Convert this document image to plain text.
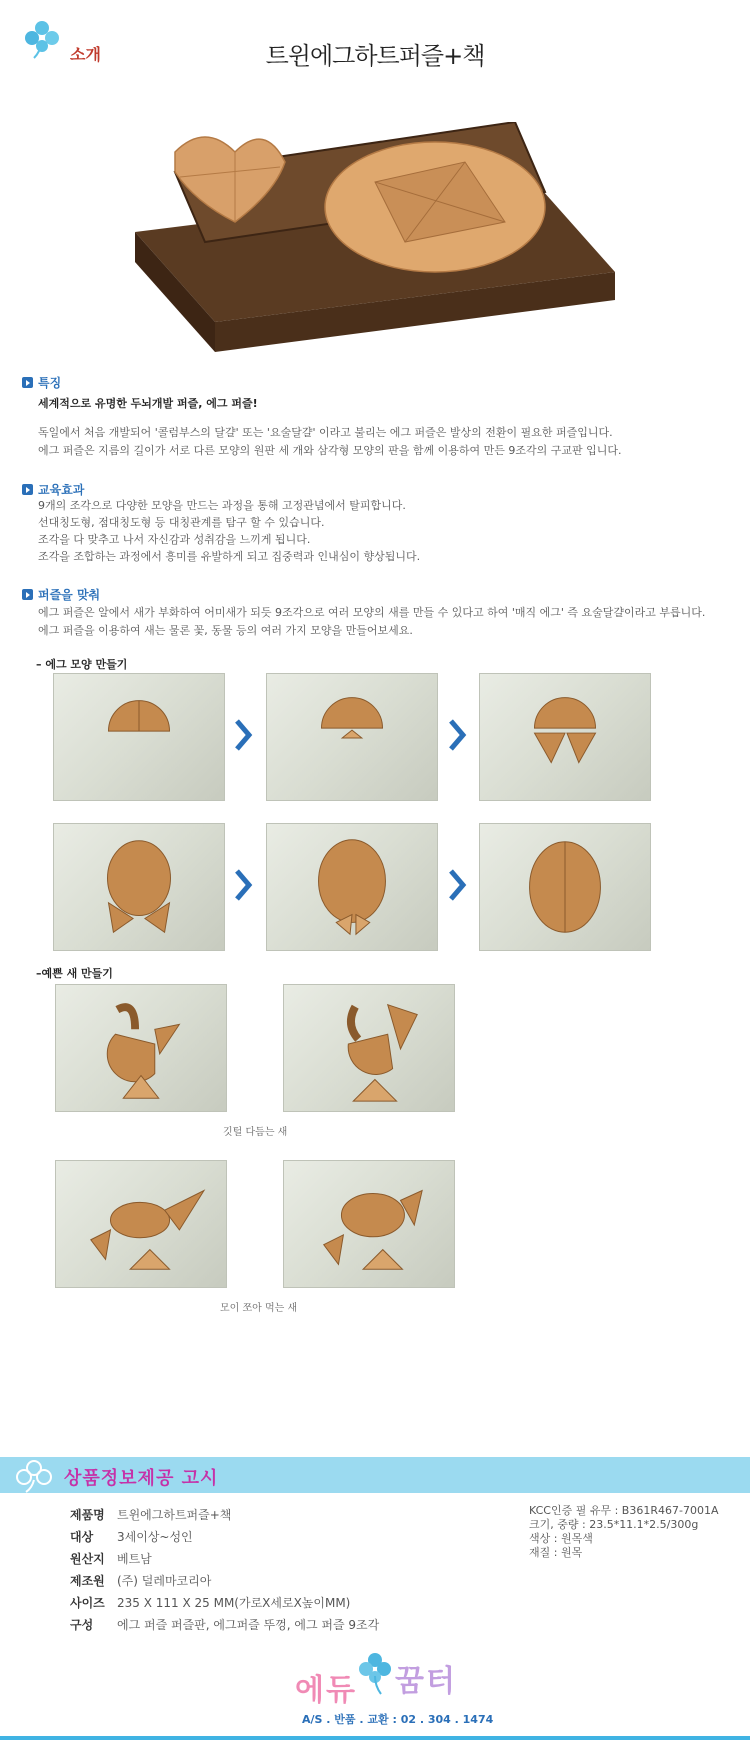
소개	트윈에그하트퍼즐+책
특징
세계적으로 유명한 두뇌개발 퍼즐, 에그 퍼즐!
독일에서 처음 개발되어 '콜럼부스의 달걀' 또는 '요술달걀' 이라고 불리는 에그 퍼즐은 발상의 전환이 필요한 퍼즐입니다.
에그 퍼즐은 지름의 길이가 서로 다른 모양의 원판 세 개와 삼각형 모양의 판을 함께 이용하여 만든 9조각의 구교판 입니다.
교육효과
9개의 조각으로 다양한 모양을 만드는 과정을 통해 고정관념에서 탈피합니다.
선대칭도형, 점대칭도형 등 대칭관계를 탐구 할 수 있습니다.
조각을 다 맞추고 나서 자신감과 성취감을 느끼게 됩니다.
조각을 조합하는 과정에서 흥미를 유발하게 되고 집중력과 인내심이 향상됩니다.
퍼즐을 맞춰
에그 퍼즐은 알에서 새가 부화하여 어미새가 되듯 9조각으로 여러 모양의 새를 만들 수 있다고 하여 '매직 에그' 즉 요술달걀이라고 부릅니다.
에그 퍼즐을 이용하여 새는 물론 꽃, 동물 등의 여러 가지 모양을 만들어보세요.
– 에그 모양 만들기
–예쁜 새 만들기
깃털 다듬는 새
모이 쪼아 먹는 새
상품정보제공 고시
제품명 트윈에그하트퍼즐+책
대상 3세이상~성인
원산지 베트남
제조원 (주) 덜레마코리아
사이즈 235 X 111 X 25 MM(가로X세로X높이MM)
구성 에그 퍼즐 퍼즐판, 에그퍼즐 뚜껑, 에그 퍼즐 9조각
KCC인증 필 유무 : B361R467-7001A
크기, 중량 : 23.5*11.1*2.5/300g
색상 : 원목색
재질 : 원목
에듀 꿈터
A/S . 반품 . 교환 : 02 . 304 . 1474
